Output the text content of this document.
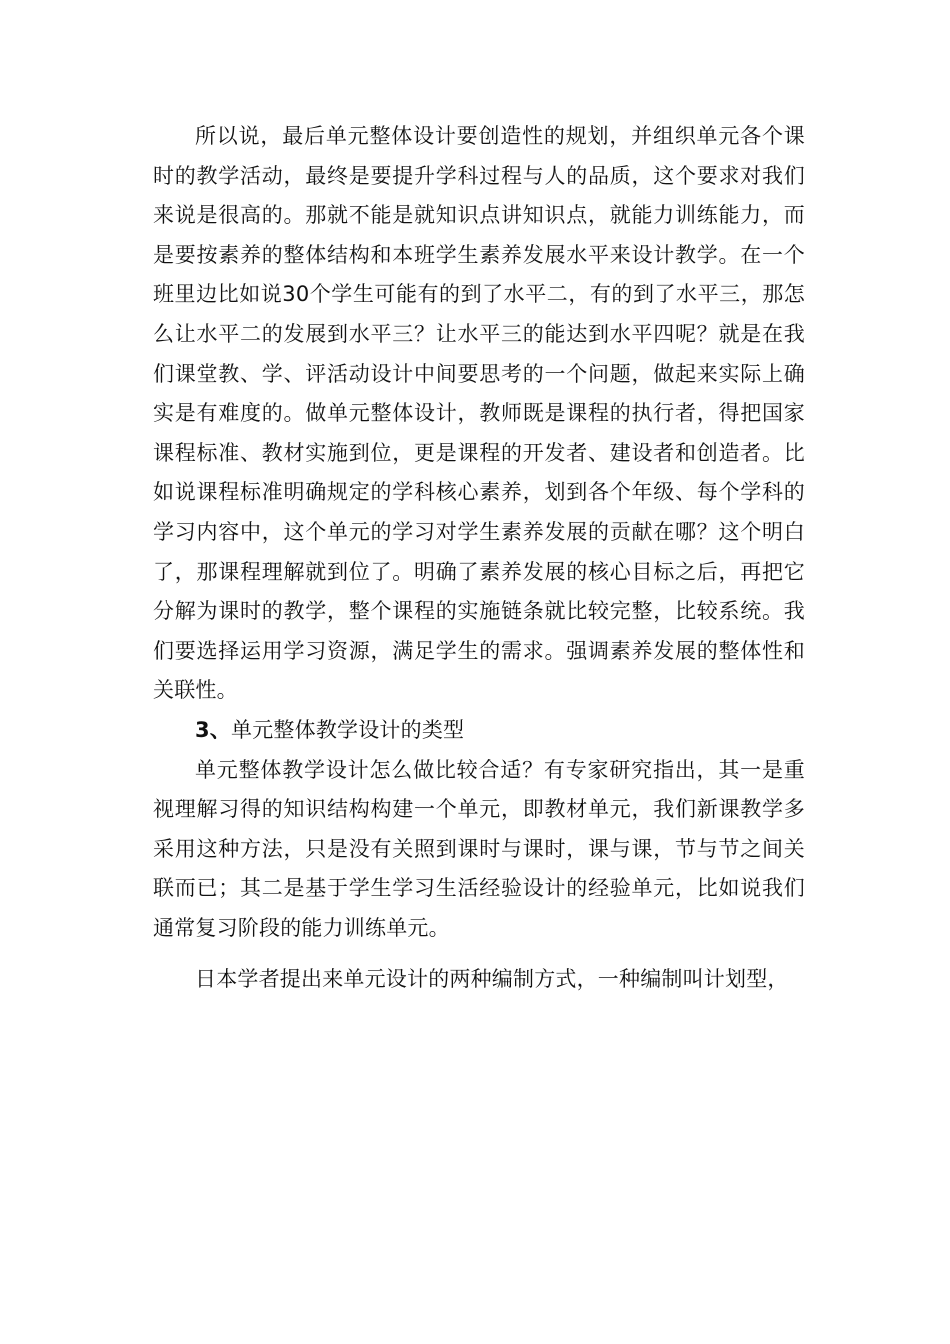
所以说，最后单元整体设计要创造性的规划，并组织单元各个课时的教学活动，最终是要提升学科过程与人的品质，这个要求对我们来说是很高的。那就不能是就知识点讲知识点，就能力训练能力，而是要按素养的整体结构和本班学生素养发展水平来设计教学。在一个班里边比如说30个学生可能有的到了水平二，有的到了水平三，那怎么让水平二的发展到水平三？让水平三的能达到水平四呢？就是在我们课堂教、学、评活动设计中间要思考的一个问题，做起来实际上确实是有难度的。做单元整体设计，教师既是课程的执行者，得把国家课程标准、教材实施到位，更是课程的开发者、建设者和创造者。比如说课程标准明确规定的学科核心素养，划到各个年级、每个学科的学习内容中，这个单元的学习对学生素养发展的贡献在哪？这个明白了，那课程理解就到位了。明确了素养发展的核心目标之后，再把它分解为课时的教学，整个课程的实施链条就比较完整，比较系统。我们要选择运用学习资源，满足学生的需求。强调素养发展的整体性和关联性。

3、单元整体教学设计的类型

单元整体教学设计怎么做比较合适？有专家研究指出，其一是重视理解习得的知识结构构建一个单元，即教材单元，我们新课教学多采用这种方法，只是没有关照到课时与课时，课与课，节与节之间关联而已；其二是基于学生学习生活经验设计的经验单元，比如说我们通常复习阶段的能力训练单元。

日本学者提出来单元设计的两种编制方式，一种编制叫计划型，
